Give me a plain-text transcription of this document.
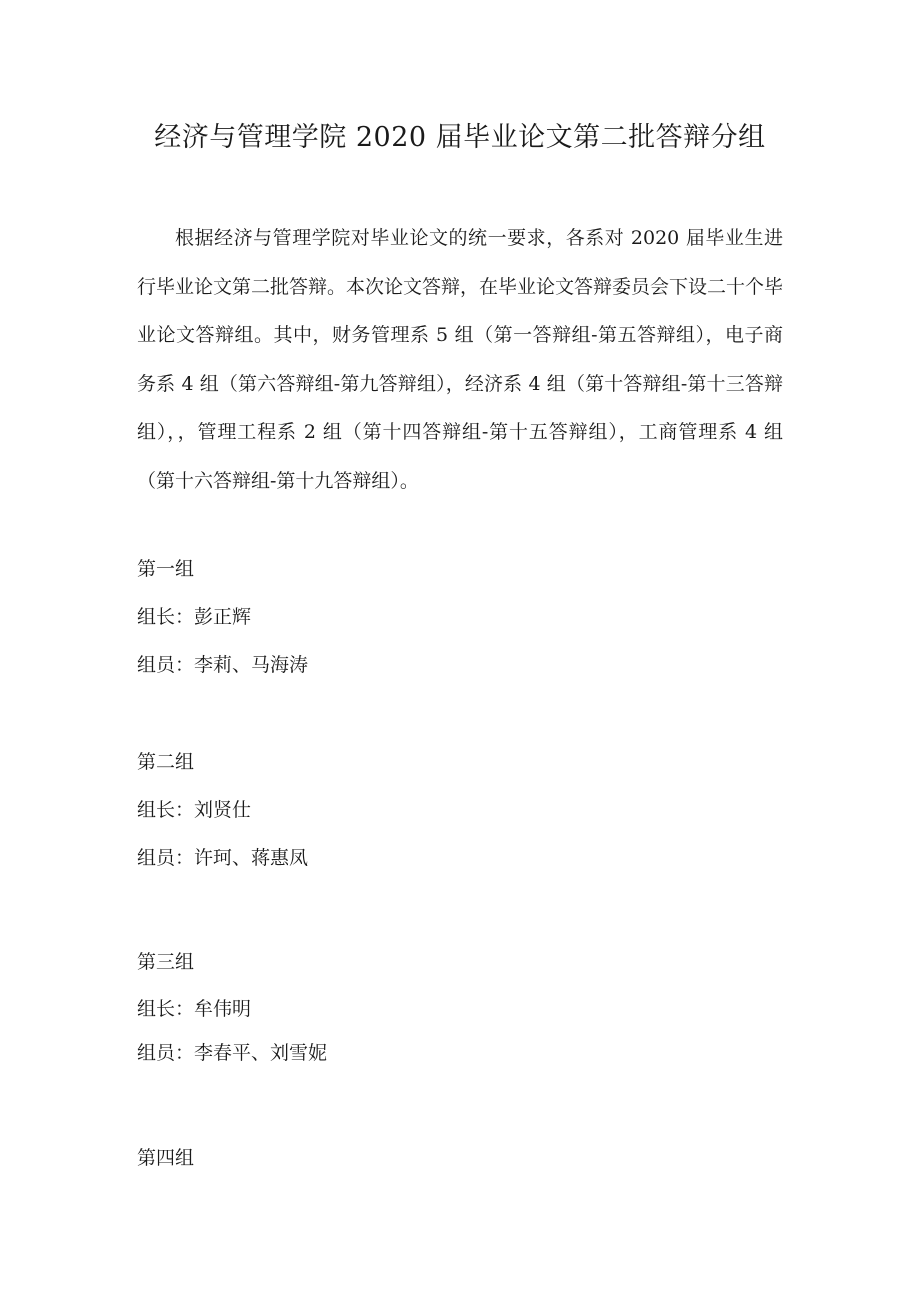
经济与管理学院 2020 届毕业论文第二批答辩分组

根据经济与管理学院对毕业论文的统一要求，各系对 2020 届毕业生进行毕业论文第二批答辩。本次论文答辩，在毕业论文答辩委员会下设二十个毕业论文答辩组。其中，财务管理系 5 组（第一答辩组-第五答辩组），电子商务系 4 组（第六答辩组-第九答辩组），经济系 4 组（第十答辩组-第十三答辩组），，管理工程系 2 组（第十四答辩组-第十五答辩组），工商管理系 4 组（第十六答辩组-第十九答辩组）。

第一组

组长：彭正辉

组员：李莉、马海涛

第二组

组长：刘贤仕

组员：许珂、蒋惠凤

第三组

组长：牟伟明

组员：李春平、刘雪妮

第四组
